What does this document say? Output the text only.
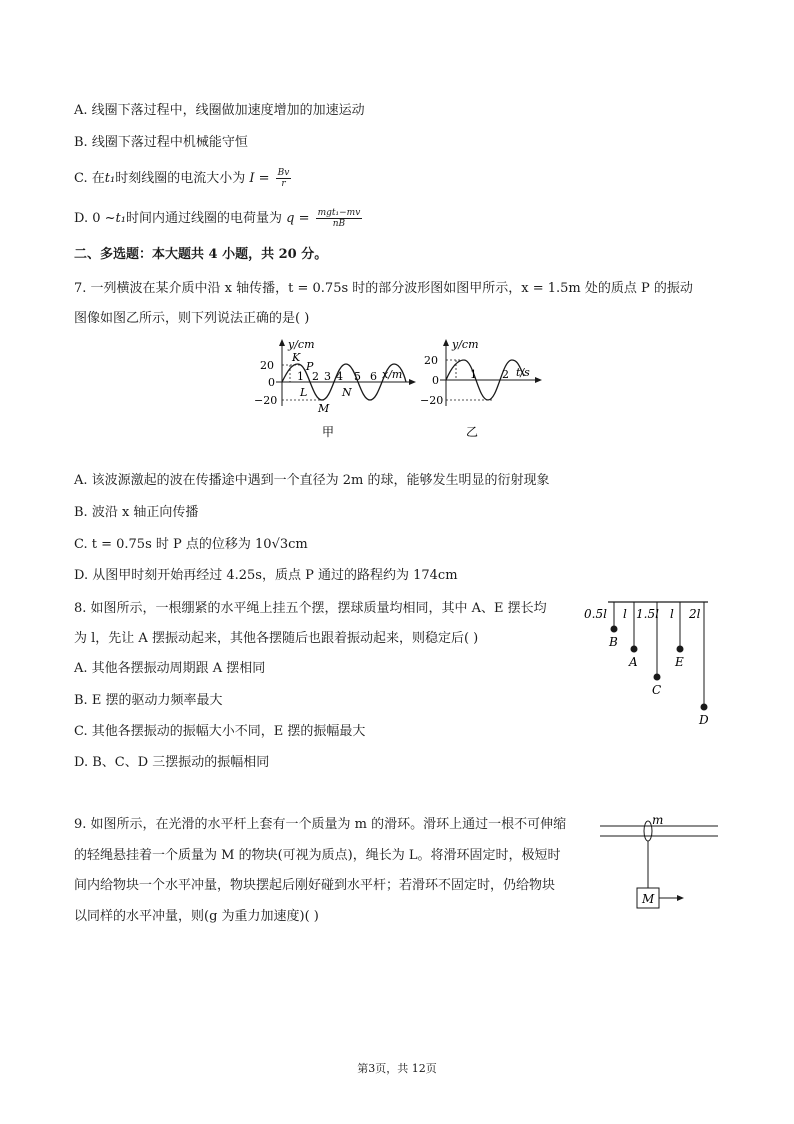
A. 线圈下落过程中，线圈做加速度增加的加速运动
B. 线圈下落过程中机械能守恒
C. 在t₁时刻线圈的电流大小为 $I = \frac{Bv}{r}$
D. 0 ~t₁时间内通过线圈的电荷量为 $q = \frac{\text{mgt₁−mv}}{nB}$
二、多选题：本大题共 4 小题，共 20 分。
7. 一列横波在某介质中沿 x 轴传播，t = 0.75s 时的部分波形图如图甲所示，x = 1.5m 处的质点 P 的振动
图像如图乙所示，则下列说法正确的是( )
y/cm
x/m
20
0
−20
1 2 3 4 5 6
K
P
L
M
N
甲
y/cm
t/s
20
0
−20
1 2
乙
A. 该波源激起的波在传播途中遇到一个直径为 2m 的球，能够发生明显的衍射现象
B. 波沿 x 轴正向传播
C. t = 0.75s 时 P 点的位移为 10√3cm
D. 从图甲时刻开始再经过 4.25s，质点 P 通过的路程约为 174cm
8. 如图所示，一根绷紧的水平绳上挂五个摆，摆球质量均相同，其中 A、E 摆长均
为 l，先让 A 摆振动起来，其他各摆随后也跟着振动起来，则稳定后( )
A. 其他各摆振动周期跟 A 摆相同
B. E 摆的驱动力频率最大
C. 其他各摆振动的振幅大小不同，E 摆的振幅最大
D. B、C、D 三摆振动的振幅相同
0.5l l 1.5l l 2l
B
A
C
E
D
9. 如图所示，在光滑的水平杆上套有一个质量为 m 的滑环。滑环上通过一根不可伸缩
的轻绳悬挂着一个质量为 M 的物块(可视为质点)，绳长为 L。将滑环固定时，极短时
间内给物块一个水平冲量，物块摆起后刚好碰到水平杆；若滑环不固定时，仍给物块
以同样的水平冲量，则(g 为重力加速度)( )
m
M
第3页，共 12页
